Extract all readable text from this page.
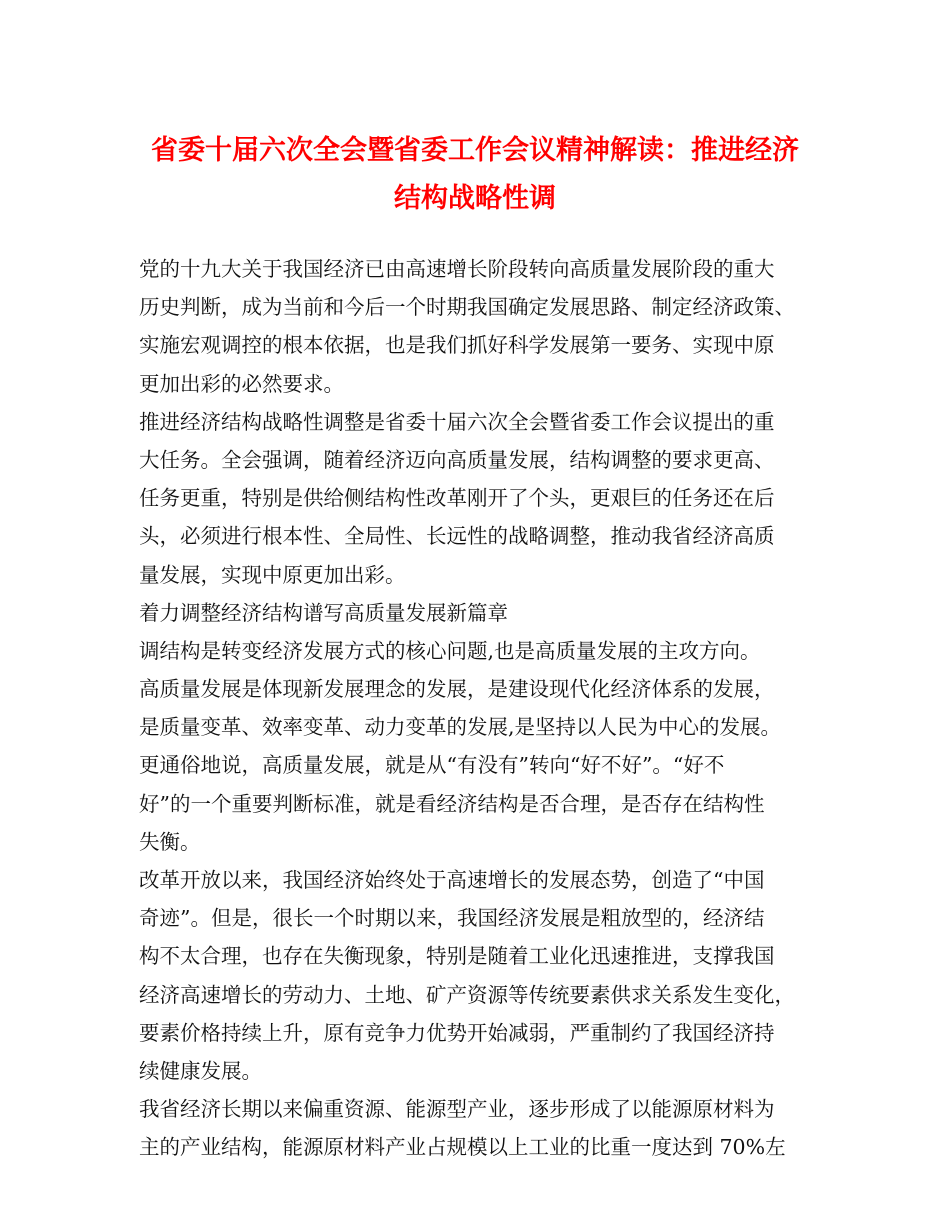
省委十届六次全会暨省委工作会议精神解读：推进经济
结构战略性调
党的十九大关于我国经济已由高速增长阶段转向高质量发展阶段的重大
历史判断，成为当前和今后一个时期我国确定发展思路、制定经济政策、
实施宏观调控的根本依据，也是我们抓好科学发展第一要务、实现中原
更加出彩的必然要求。
推进经济结构战略性调整是省委十届六次全会暨省委工作会议提出的重
大任务。全会强调，随着经济迈向高质量发展，结构调整的要求更高、
任务更重，特别是供给侧结构性改革刚开了个头，更艰巨的任务还在后
头，必须进行根本性、全局性、长远性的战略调整，推动我省经济高质
量发展，实现中原更加出彩。
着力调整经济结构谱写高质量发展新篇章
调结构是转变经济发展方式的核心问题,也是高质量发展的主攻方向。
高质量发展是体现新发展理念的发展，是建设现代化经济体系的发展，
是质量变革、效率变革、动力变革的发展,是坚持以人民为中心的发展。
更通俗地说，高质量发展，就是从“有没有”转向“好不好”。“好不
好”的一个重要判断标准，就是看经济结构是否合理，是否存在结构性
失衡。
改革开放以来，我国经济始终处于高速增长的发展态势，创造了“中国
奇迹”。但是，很长一个时期以来，我国经济发展是粗放型的，经济结
构不太合理，也存在失衡现象，特别是随着工业化迅速推进，支撑我国
经济高速增长的劳动力、土地、矿产资源等传统要素供求关系发生变化，
要素价格持续上升，原有竞争力优势开始减弱，严重制约了我国经济持
续健康发展。
我省经济长期以来偏重资源、能源型产业，逐步形成了以能源原材料为
主的产业结构，能源原材料产业占规模以上工业的比重一度达到 70%左
